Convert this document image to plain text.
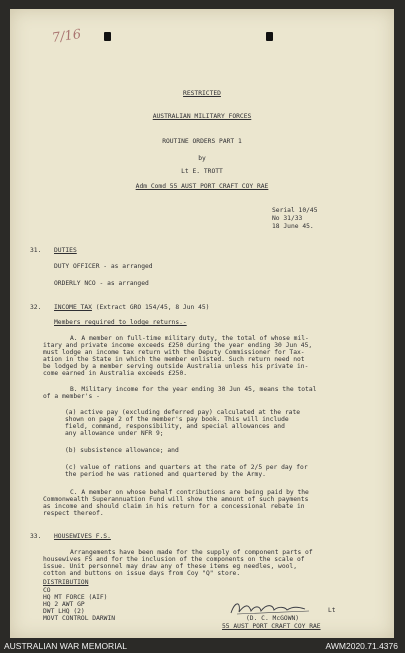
7/16
RESTRICTED
AUSTRALIAN MILITARY FORCES
ROUTINE ORDERS PART 1
by
Lt E. TROTT
Adm Comd 55 AUST PORT CRAFT COY RAE
Serial 10/45
No 31/33
18 June 45.
31. DUTIES
DUTY OFFICER - as arranged
ORDERLY NCO - as arranged
32. INCOME TAX (Extract GRO 154/45, 8 Jun 45)
Members required to lodge returns.-
A. A member on full-time military duty, the total of whose mil-
itary and private income exceeds £250 during the year ending 30 Jun 45,
must lodge an income tax return with the Deputy Commissioner for Tax-
ation in the State in which the member enlisted. Such return need not
be lodged by a member serving outside Australia unless his private in-
come earned in Australia exceeds £250.
B. Military income for the year ending 30 Jun 45, means the total
of a member's -
(a) active pay (excluding deferred pay) calculated at the rate
shown on page 2 of the member's pay book. This will include
field, command, responsibility, and special allowances and
any allowance under NFR 9;
(b) subsistence allowance; and
(c) value of rations and quarters at the rate of 2/5 per day for
the period he was rationed and quartered by the Army.
C. A member on whose behalf contributions are being paid by the
Commonwealth Superannuation Fund will show the amount of such payments
as income and should claim in his return for a concessional rebate in
respect thereof.
33. HOUSEWIVES F.S.
Arrangements have been made for the supply of component parts of
housewives FS and for the inclusion of the components on the scale of
issue. Unit personnel may draw any of these items eg needles, wool,
cotton and buttons on issue days from Coy "Q" store.
DISTRIBUTION
CO
HQ MT FORCE (AIF)
HQ 2 AWT GP
DWT LHQ (2)
MOVT CONTROL DARWIN
Lt
(D. C. McGOWN)
55 AUST PORT CRAFT COY RAE
AUSTRALIAN WAR MEMORIAL	AWM2020.71.4376
